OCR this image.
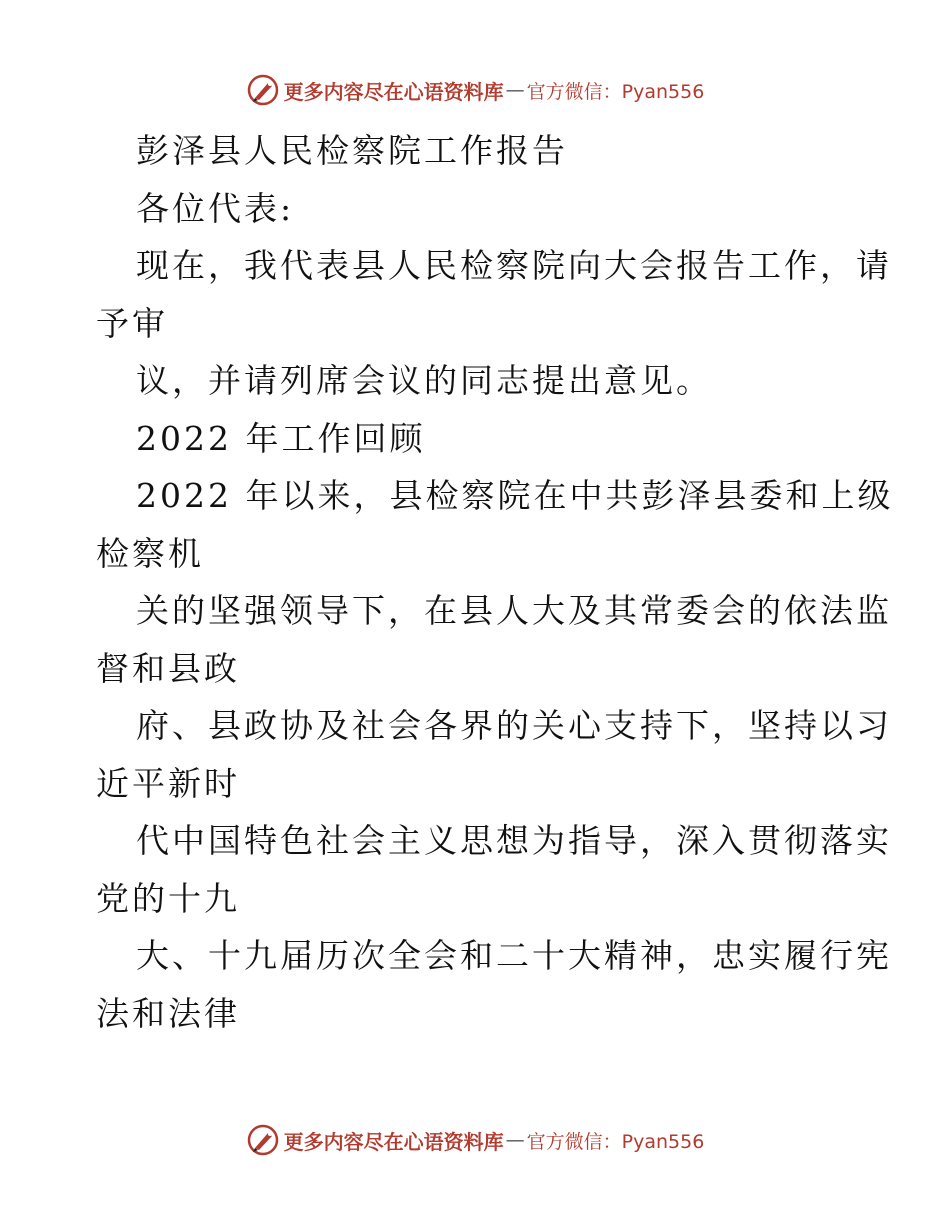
更多内容尽在心语资料库 — 官方微信：Pyan556
彭泽县人民检察院工作报告
各位代表:
现在，我代表县人民检察院向大会报告工作，请
予审
议，并请列席会议的同志提出意见。
2022 年工作回顾
2022 年以来，县检察院在中共彭泽县委和上级
检察机
关的坚强领导下，在县人大及其常委会的依法监
督和县政
府、县政协及社会各界的关心支持下，坚持以习
近平新时
代中国特色社会主义思想为指导，深入贯彻落实
党的十九
大、十九届历次全会和二十大精神，忠实履行宪
法和法律
更多内容尽在心语资料库 — 官方微信：Pyan556
